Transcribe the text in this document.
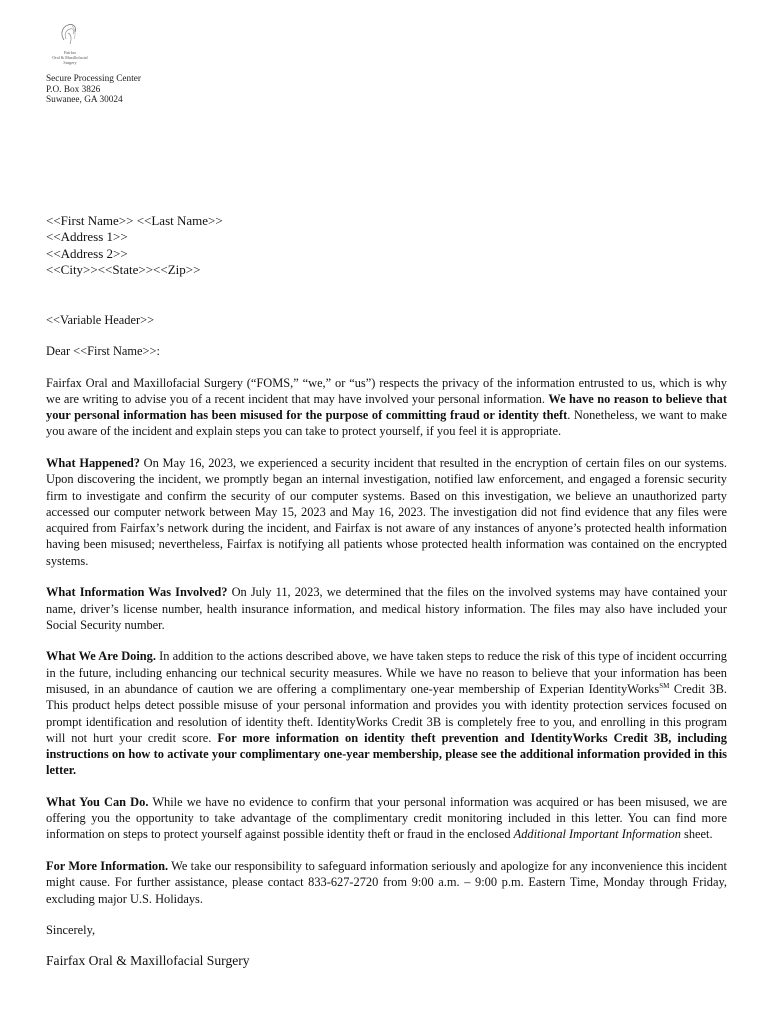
Fairfax
Oral & Maxillofacial
Surgery
Secure Processing Center
P.O. Box 3826
Suwanee, GA 30024
<<First Name>> <<Last Name>>
<<Address 1>>
<<Address 2>>
<<City>><<State>><<Zip>>

<<Variable Header>>

Dear <<First Name>>:

Fairfax Oral and Maxillofacial Surgery (“FOMS,” “we,” or “us”) respects the privacy of the information entrusted to us, which is why we are writing to advise you of a recent incident that may have involved your personal information. We have no reason to believe that your personal information has been misused for the purpose of committing fraud or identity theft. Nonetheless, we want to make you aware of the incident and explain steps you can take to protect yourself, if you feel it is appropriate.

What Happened? On May 16, 2023, we experienced a security incident that resulted in the encryption of certain files on our systems. Upon discovering the incident, we promptly began an internal investigation, notified law enforcement, and engaged a forensic security firm to investigate and confirm the security of our computer systems. Based on this investigation, we believe an unauthorized party accessed our computer network between May 15, 2023 and May 16, 2023. The investigation did not find evidence that any files were acquired from Fairfax’s network during the incident, and Fairfax is not aware of any instances of anyone’s protected health information having been misused; nevertheless, Fairfax is notifying all patients whose protected health information was contained on the encrypted systems.

What Information Was Involved? On July 11, 2023, we determined that the files on the involved systems may have contained your name, driver’s license number, health insurance information, and medical history information. The files may also have included your Social Security number.

What We Are Doing. In addition to the actions described above, we have taken steps to reduce the risk of this type of incident occurring in the future, including enhancing our technical security measures. While we have no reason to believe that your information has been misused, in an abundance of caution we are offering a complimentary one-year membership of Experian IdentityWorks℠ Credit 3B. This product helps detect possible misuse of your personal information and provides you with identity protection services focused on prompt identification and resolution of identity theft. IdentityWorks Credit 3B is completely free to you, and enrolling in this program will not hurt your credit score. For more information on identity theft prevention and IdentityWorks Credit 3B, including instructions on how to activate your complimentary one-year membership, please see the additional information provided in this letter.

What You Can Do. While we have no evidence to confirm that your personal information was acquired or has been misused, we are offering you the opportunity to take advantage of the complimentary credit monitoring included in this letter. You can find more information on steps to protect yourself against possible identity theft or fraud in the enclosed Additional Important Information sheet.

For More Information. We take our responsibility to safeguard information seriously and apologize for any inconvenience this incident might cause. For further assistance, please contact 833-627-2720 from 9:00 a.m. – 9:00 p.m. Eastern Time, Monday through Friday, excluding major U.S. Holidays.

Sincerely,

Fairfax Oral & Maxillofacial Surgery
